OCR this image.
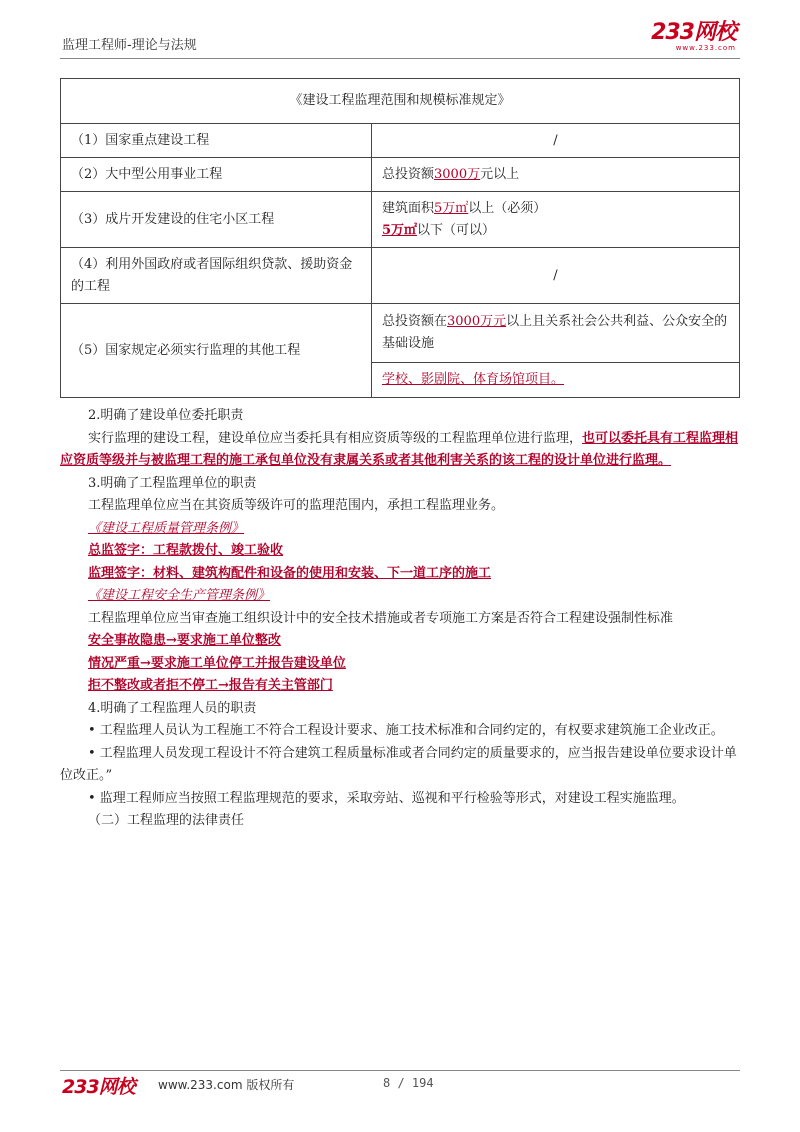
监理工程师-理论与法规
233网校
www.233.com
《建设工程监理范围和规模标准规定》	
（1）国家重点建设工程	/
（2）大中型公用事业工程	总投资额3000万元以上
（3）成片开发建设的住宅小区工程	建筑面积5万㎡以上（必须）
5万㎡以下（可以）

（4）利用外国政府或者国际组织贷款、援助资金的工程	/
（5）国家规定必须实行监理的其他工程	总投资额在3000万元以上且关系社会公共利益、公众安全的基础设施
	学校、影剧院、体育场馆项目。

2.明确了建设单位委托职责

实行监理的建设工程，建设单位应当委托具有相应资质等级的工程监理单位进行监理，也可以委托具有工程监理相应资质等级并与被监理工程的施工承包单位没有隶属关系或者其他利害关系的该工程的设计单位进行监理。

3.明确了工程监理单位的职责

工程监理单位应当在其资质等级许可的监理范围内，承担工程监理业务。

《建设工程质量管理条例》

总监签字：工程款拨付、竣工验收

监理签字：材料、建筑构配件和设备的使用和安装、下一道工序的施工

《建设工程安全生产管理条例》

工程监理单位应当审查施工组织设计中的安全技术措施或者专项施工方案是否符合工程建设强制性标准

安全事故隐患→要求施工单位整改

情况严重→要求施工单位停工并报告建设单位

拒不整改或者拒不停工→报告有关主管部门

4.明确了工程监理人员的职责

• 工程监理人员认为工程施工不符合工程设计要求、施工技术标准和合同约定的，有权要求建筑施工企业改正。

• 工程监理人员发现工程设计不符合建筑工程质量标准或者合同约定的质量要求的，应当报告建设单位要求设计单位改正。”

• 监理工程师应当按照工程监理规范的要求，采取旁站、巡视和平行检验等形式，对建设工程实施监理。

（二）工程监理的法律责任

233网校 www.233.com 版权所有	8 / 194
